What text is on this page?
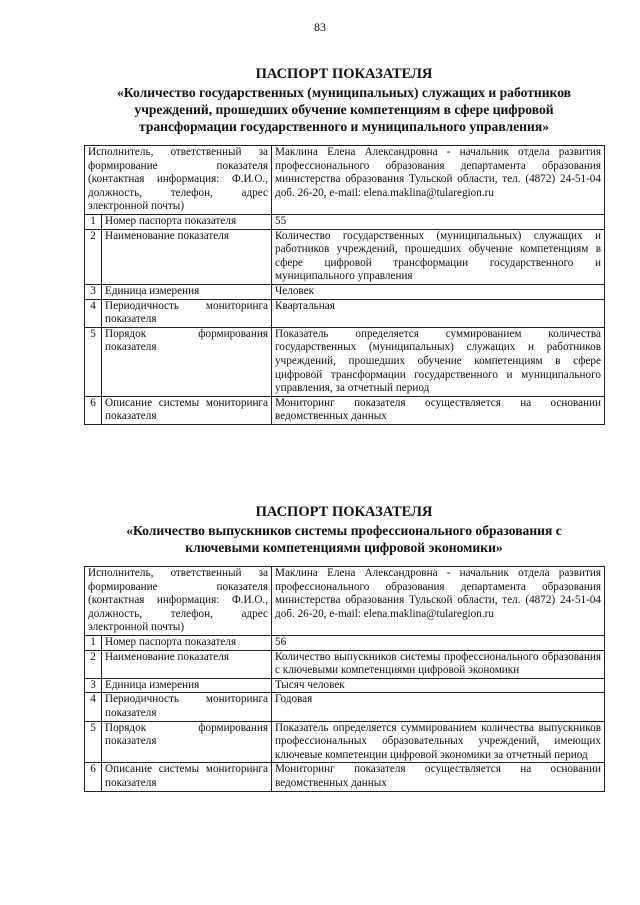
83
ПАСПОРТ ПОКАЗАТЕЛЯ
«Количество государственных (муниципальных) служащих и работников учреждений, прошедших обучение компетенциям в сфере цифровой трансформации государственного и муниципального управления»
Исполнитель, ответственный за формирование показателя (контактная информация: Ф.И.О., должность, телефон, адрес электронной почты)		Маклина Елена Александровна - начальник отдела развития профессионального образования департамента образования министерства образования Тульской области, тел. (4872) 24-51-04 доб. 26-20, e-mail: elena.maklina@tularegion.ru
1	Номер паспорта показателя	55
2	Наименование показателя	Количество государственных (муниципальных) служащих и работников учреждений, прошедших обучение компетенциям в сфере цифровой трансформации государственного и муниципального управления
3	Единица измерения	Человек
4	Периодичность мониторинга показателя	Квартальная
5	Порядок формирования показателя	Показатель определяется суммированием количества государственных (муниципальных) служащих и работников учреждений, прошедших обучение компетенциям в сфере цифровой трансформации государственного и муниципального управления, за отчетный период
6	Описание системы мониторинга показателя	Мониторинг показателя осуществляется на основании ведомственных данных
ПАСПОРТ ПОКАЗАТЕЛЯ
«Количество выпускников системы профессионального образования с ключевыми компетенциями цифровой экономики»
Исполнитель, ответственный за формирование показателя (контактная информация: Ф.И.О., должность, телефон, адрес электронной почты)		Маклина Елена Александровна - начальник отдела развития профессионального образования департамента образования министерства образования Тульской области, тел. (4872) 24-51-04 доб. 26-20, e-mail: elena.maklina@tularegion.ru
1	Номер паспорта показателя	56
2	Наименование показателя	Количество выпускников системы профессионального образования с ключевыми компетенциями цифровой экономики
3	Единица измерения	Тысяч человек
4	Периодичность мониторинга показателя	Годовая
5	Порядок формирования показателя	Показатель определяется суммированием количества выпускников профессиональных образовательных учреждений, имеющих ключевые компетенции цифровой экономики за отчетный период
6	Описание системы мониторинга показателя	Мониторинг показателя осуществляется на основании ведомственных данных
